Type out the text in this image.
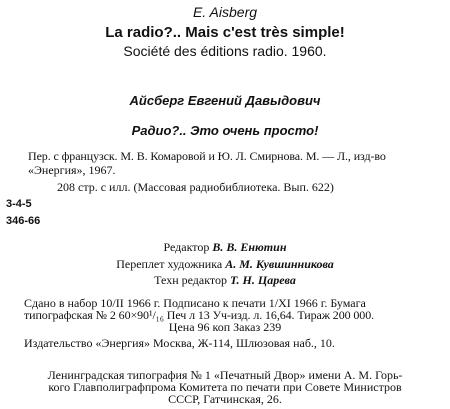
E. Aisberg
La radio?.. Mais c'est très simple!
Société des éditions radio. 1960.
Айсберг Евгений Давыдович
Радио?.. Это очень просто!
Пер. с французск. М. В. Комаровой и Ю. Л. Смирнова. М. — Л., изд-во
«Энергия», 1967.
208 стр. с илл. (Массовая радиобиблиотека. Вып. 622)
3-4-5
346-66
Редактор В. В. Енютин
Переплет художника А. М. Кувшинникова
Техн редактор Т. Н. Царева
Сдано в набор 10/II 1966 г. Подписано к печати 1/XI 1966 г. Бумага
типографская № 2 60×90¹/₁₆ Печ л 13 Уч-изд. л. 16,64. Тираж 200 000.
Цена 96 коп Заказ 239
Издательство «Энергия» Москва, Ж-114, Шлюзовая наб., 10.
Ленинградская типография № 1 «Печатный Двор» имени А. М. Горь-
кого Главполиграфпрома Комитета по печати при Совете Министров
СССР, Гатчинская, 26.
